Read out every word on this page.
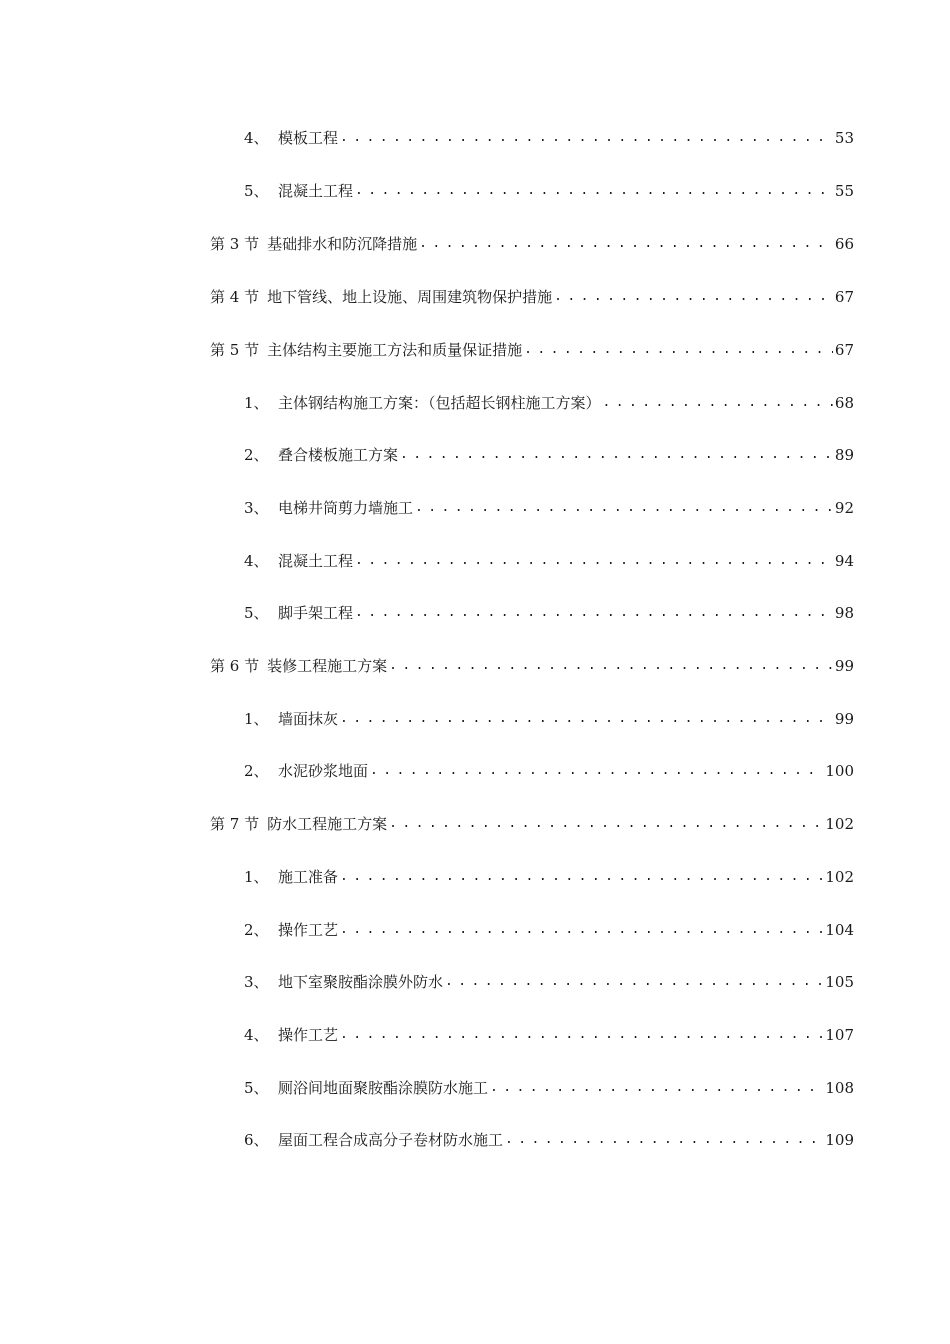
4、 模板工程 . . .	53
5、 混凝土工程 . . .	55
第 3 节 基础排水和防沉降措施 . . .	66
第 4 节 地下管线、地上设施、周围建筑物保护措施 . . .	67
第 5 节 主体结构主要施工方法和质量保证措施 . . .	67
1、 主体钢结构施工方案：（包括超长钢柱施工方案） . . .	68
2、 叠合楼板施工方案 . . .	89
3、 电梯井筒剪力墙施工 . . .	92
4、 混凝土工程 . . .	94
5、 脚手架工程 . . .	98
第 6 节 装修工程施工方案 . . .	99
1、 墙面抹灰 . . .	99
2、 水泥砂浆地面 . . .	100
第 7 节 防水工程施工方案 . . .	102
1、 施工准备 . . .	102
2、 操作工艺 . . .	104
3、 地下室聚胺酯涂膜外防水 . . .	105
4、 操作工艺 . . .	107
5、 厕浴间地面聚胺酯涂膜防水施工 . . .	108
6、 屋面工程合成高分子卷材防水施工 . . .	109
